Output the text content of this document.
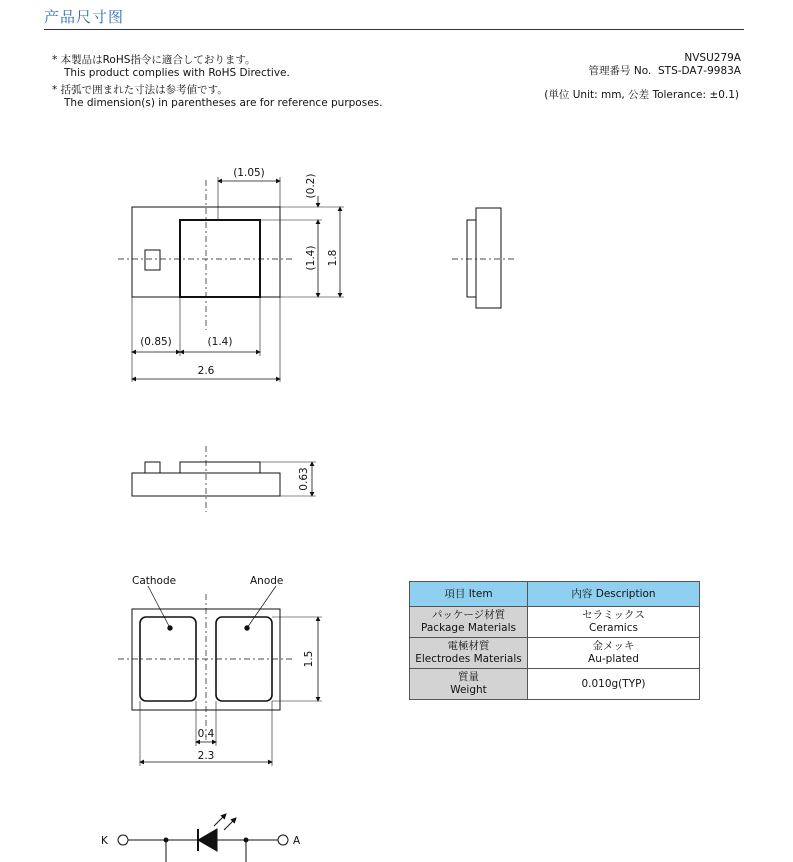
产品尺寸图
* 本製品はRoHS指令に適合しております。
This product complies with RoHS Directive.
* 括弧で囲まれた寸法は参考値です。
The dimension(s) in parentheses are for reference purposes.
NVSU279A
管理番号 No. STS-DA7-9983A
(単位 Unit: mm, 公差 Tolerance: ±0.1)
(1.05)
(0.2)
(1.4) 1.8
(0.85)	(1.4)
2.6
0.63
Cathode	Anode
1.5
0.4
2.3
K	A
項目 Item	内容 Description
パッケージ材質
Package Materials	セラミックス
Ceramics
電極材質
Electrodes Materials	金メッキ
Au-plated
質量
Weight	0.010g(TYP)
